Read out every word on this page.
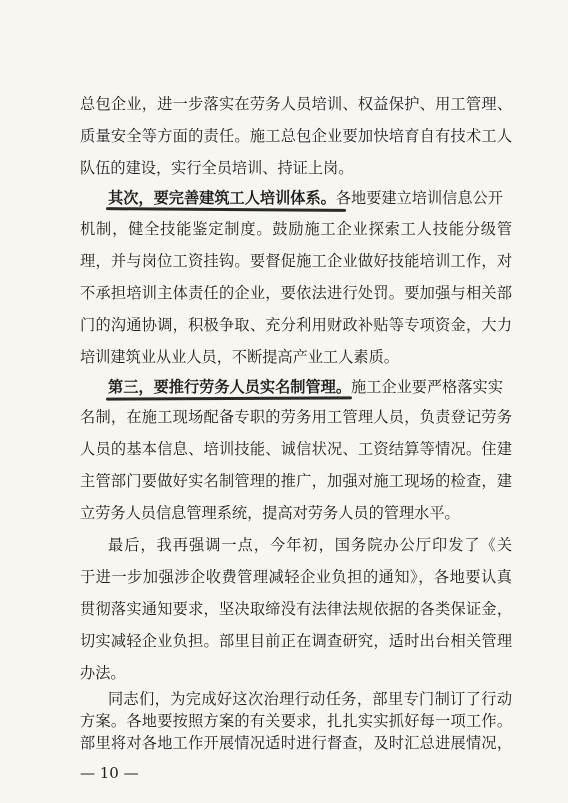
总包企业，进一步落实在劳务人员培训、权益保护、用工管理、
质量安全等方面的责任。施工总包企业要加快培育自有技术工人
队伍的建设，实行全员培训、持证上岗。
其次，要完善建筑工人培训体系。各地要建立培训信息公开
机制，健全技能鉴定制度。鼓励施工企业探索工人技能分级管
理，并与岗位工资挂钩。要督促施工企业做好技能培训工作，对
不承担培训主体责任的企业，要依法进行处罚。要加强与相关部
门的沟通协调，积极争取、充分利用财政补贴等专项资金，大力
培训建筑业从业人员，不断提高产业工人素质。
第三，要推行劳务人员实名制管理。施工企业要严格落实实
名制，在施工现场配备专职的劳务用工管理人员，负责登记劳务
人员的基本信息、培训技能、诚信状况、工资结算等情况。住建
主管部门要做好实名制管理的推广，加强对施工现场的检查，建
立劳务人员信息管理系统，提高对劳务人员的管理水平。
最后，我再强调一点，今年初，国务院办公厅印发了《关
于进一步加强涉企收费管理减轻企业负担的通知》，各地要认真
贯彻落实通知要求，坚决取缔没有法律法规依据的各类保证金，
切实减轻企业负担。部里目前正在调查研究，适时出台相关管理
办法。
同志们，为完成好这次治理行动任务，部里专门制订了行动
方案。各地要按照方案的有关要求，扎扎实实抓好每一项工作。
部里将对各地工作开展情况适时进行督查，及时汇总进展情况，
— 10 —
